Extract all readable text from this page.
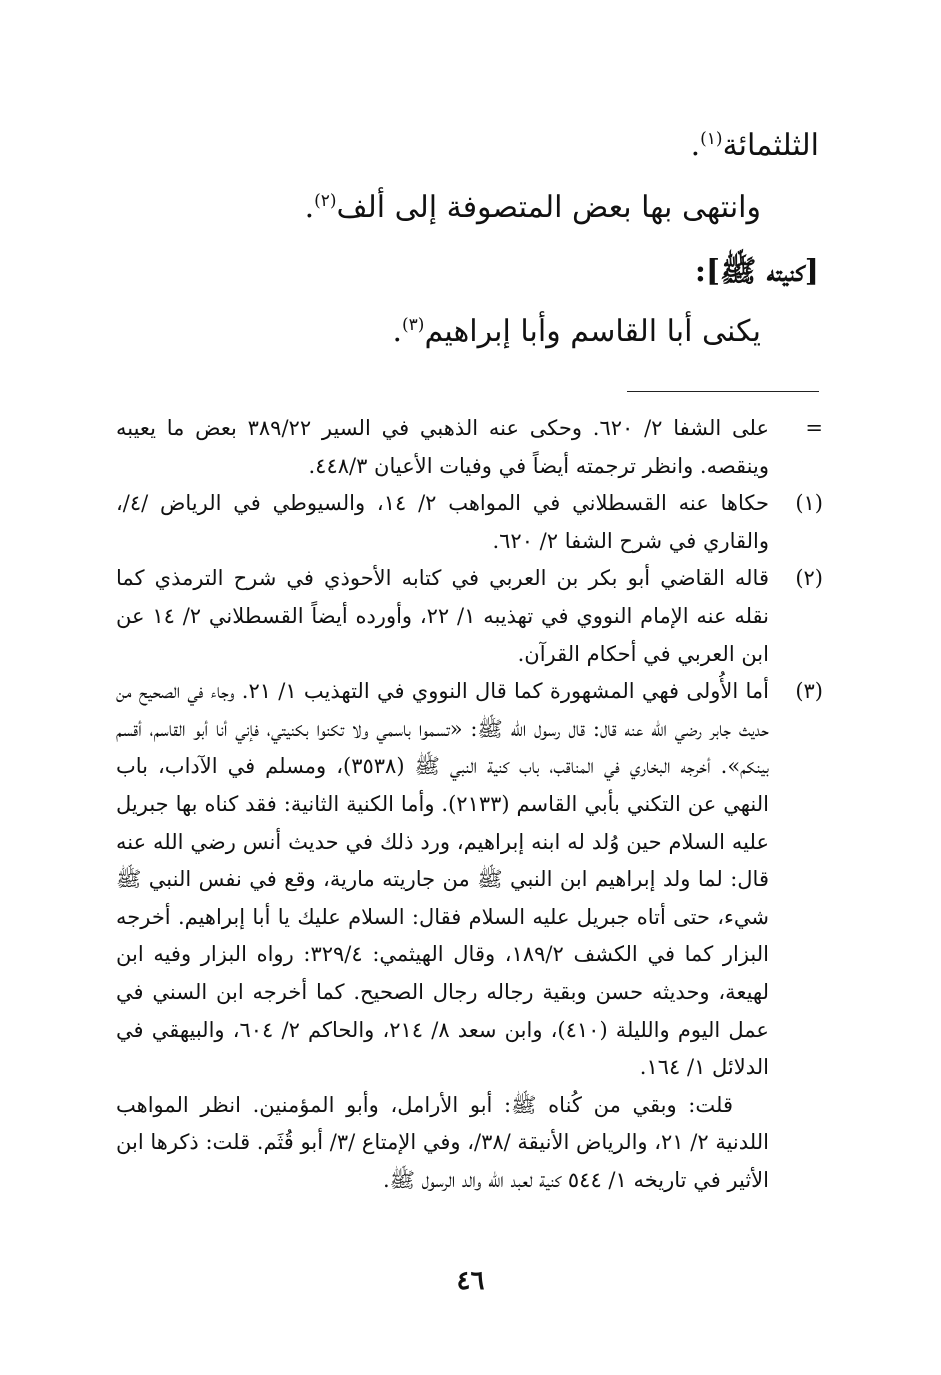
الثلثمائة$^{(١)}$.
وانتهى بها بعض المتصوفة إلى ألف$^{(٢)}$.
[كنيته ﷺ]:
يكنى أبا القاسم وأبا إبراهيم$^{(٣)}$.
=

على الشفا ٢/ ٦٢٠. وحكى عنه الذهبي في السير ٣٨٩/٢٢ بعض ما يعيبه وينقصه. وانظر ترجمته أيضاً في وفيات الأعيان ٤٤٨/٣.

(١)

حكاها عنه القسطلاني في المواهب ٢/ ١٤، والسيوطي في الرياض /٤/، والقاري في شرح الشفا ٢/ ٦٢٠.

(٢)

قاله القاضي أبو بكر بن العربي في كتابه الأحوذي في شرح الترمذي كما نقله عنه الإمام النووي في تهذيبه ١/ ٢٢، وأورده أيضاً القسطلاني ٢/ ١٤ عن ابن العربي في أحكام القرآن.

(٣)

أما الأُولى فهي المشهورة كما قال النووي في التهذيب ١/ ٢١. وجاء في الصحيح من حديث جابر رضي الله عنه قال: قال رسول الله ﷺ: «تسموا باسمي ولا تكنوا بكنيتي، فإني أنا أبو القاسم، أقسم بينكم». أخرجه البخاري في المناقب، باب كنية النبي ﷺ (٣٥٣٨)، ومسلم في الآداب، باب النهي عن التكني بأبي القاسم (٢١٣٣). وأما الكنية الثانية: فقد كناه بها جبريل عليه السلام حين وُلد له ابنه إبراهيم، ورد ذلك في حديث أنس رضي الله عنه قال: لما ولد إبراهيم ابن النبي ﷺ من جاريته مارية، وقع في نفس النبي ﷺ شيء، حتى أتاه جبريل عليه السلام فقال: السلام عليك يا أبا إبراهيم. أخرجه البزار كما في الكشف ١٨٩/٢، وقال الهيثمي: ٣٢٩/٤: رواه البزار وفيه ابن لهيعة، وحديثه حسن وبقية رجاله رجال الصحيح. كما أخرجه ابن السني في عمل اليوم والليلة (٤١٠)، وابن سعد ٨/ ٢١٤، والحاكم ٢/ ٦٠٤، والبيهقي في الدلائل ١/ ١٦٤.

قلت: وبقي من كُناه ﷺ: أبو الأرامل، وأبو المؤمنين. انظر المواهب اللدنية ٢/ ٢١، والرياض الأنيقة /٣٨/، وفي الإمتاع /٣/ أبو قُثَم. قلت: ذكرها ابن الأثير في تاريخه ١/ ٥٤٤ كنية لعبد الله والد الرسول ﷺ.

٤٦
